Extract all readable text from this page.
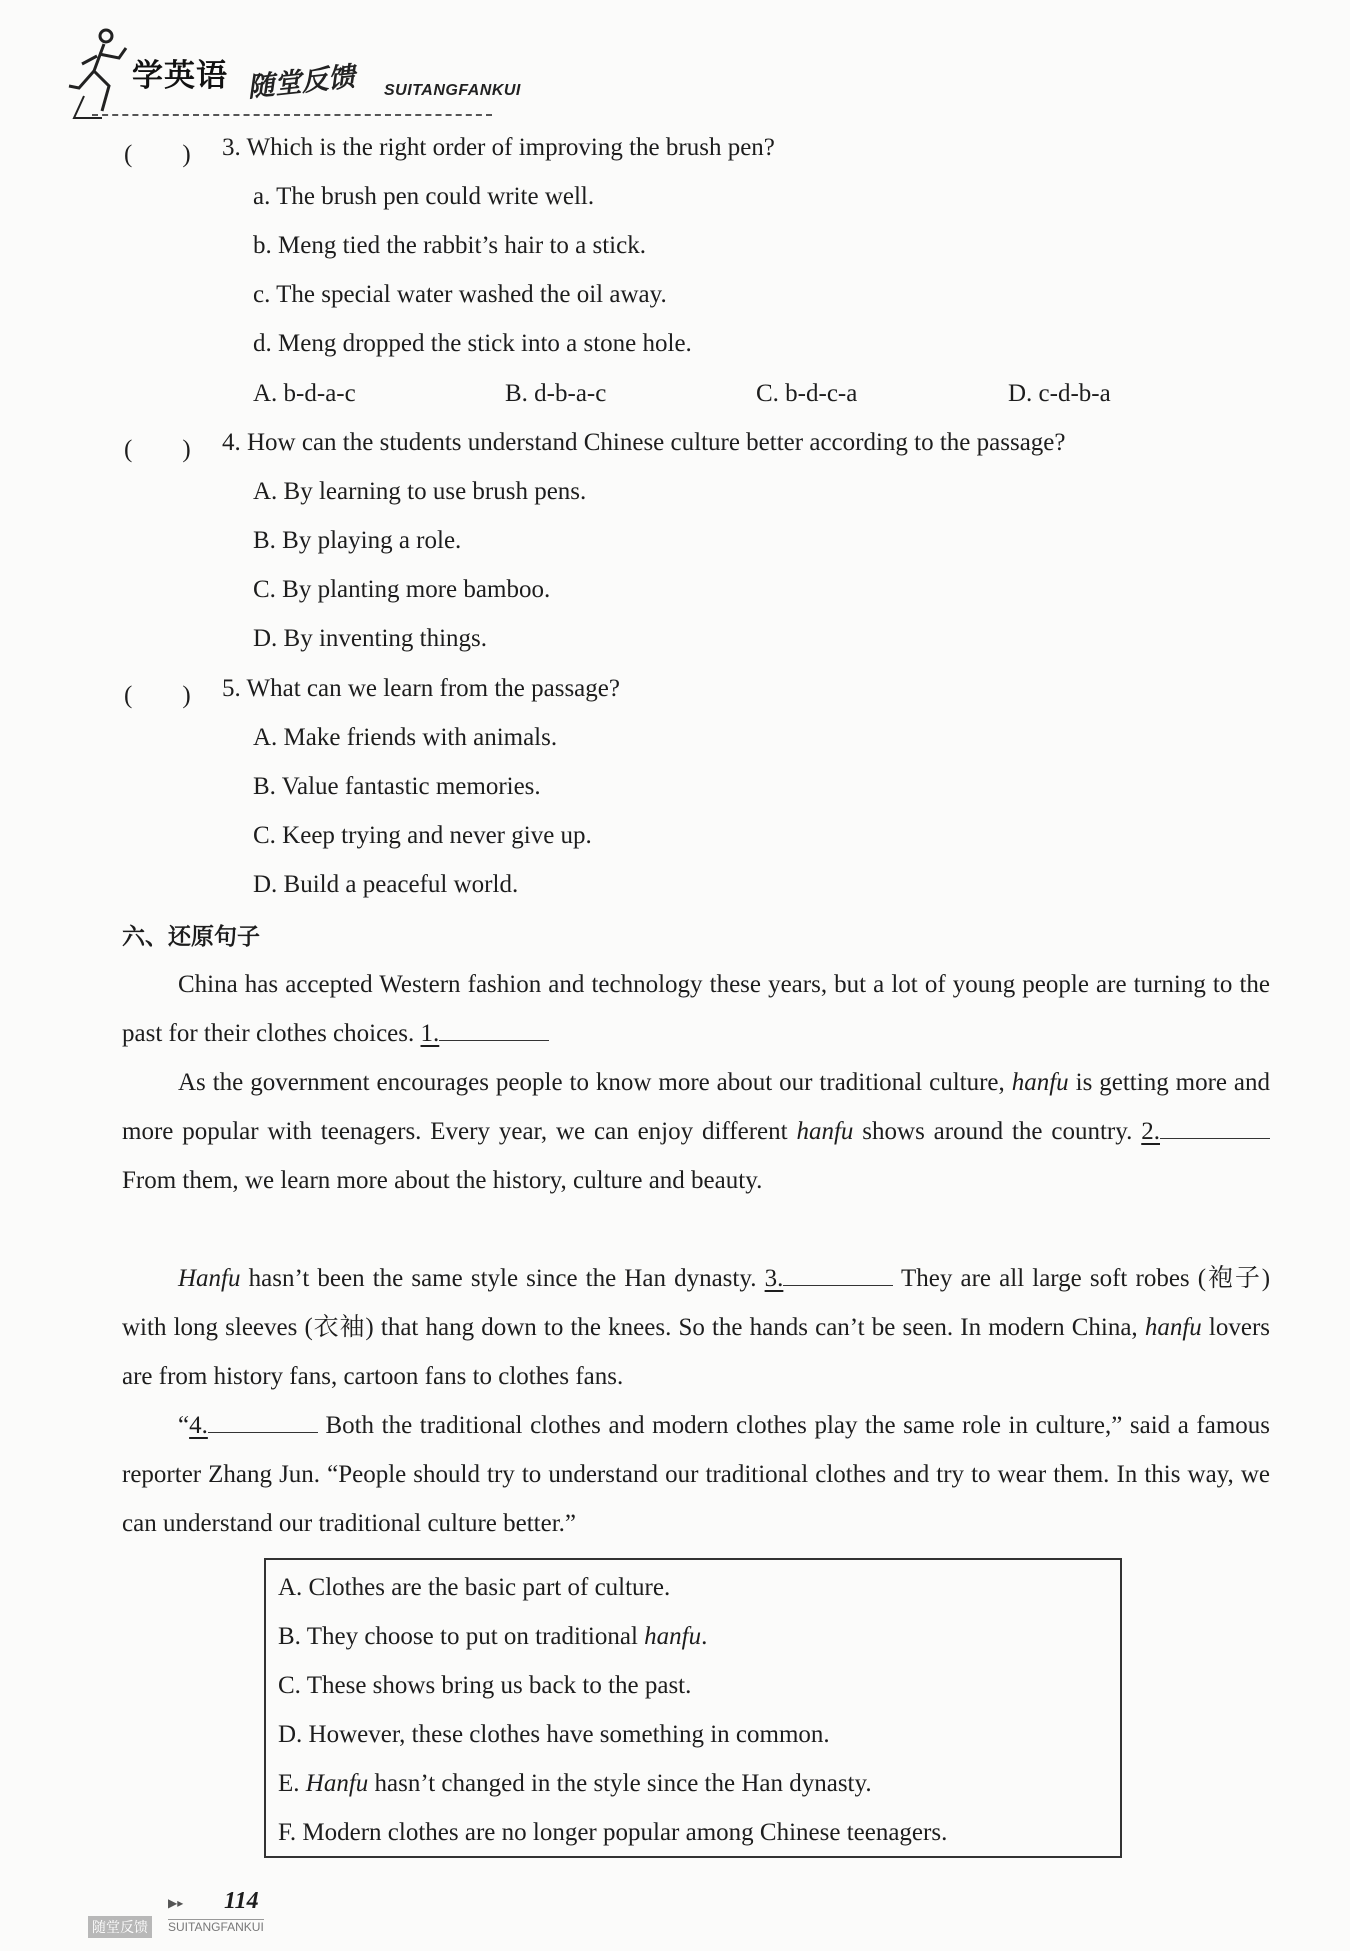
学英语 随堂反馈 SUITANGFANKUI
(　　) 3. Which is the right order of improving the brush pen?
a. The brush pen could write well.
b. Meng tied the rabbit’s hair to a stick.
c. The special water washed the oil away.
d. Meng dropped the stick into a stone hole.
A. b-d-a-c	B. d-b-a-c	C. b-d-c-a	D. c-d-b-a
(　　) 4. How can the students understand Chinese culture better according to the passage?
A. By learning to use brush pens.
B. By playing a role.
C. By planting more bamboo.
D. By inventing things.
(　　) 5. What can we learn from the passage?
A. Make friends with animals.
B. Value fantastic memories.
C. Keep trying and never give up.
D. Build a peaceful world.
六、还原句子
China has accepted Western fashion and technology these years, but a lot of young people are turning to the past for their clothes choices. 1.
As the government encourages people to know more about our traditional culture, hanfu is getting more and more popular with teenagers. Every year, we can enjoy different hanfu shows around the country. 2. From them, we learn more about the history, culture and beauty.
Hanfu hasn’t been the same style since the Han dynasty. 3.	They are all large soft robes (袍子) with long sleeves (衣袖) that hang down to the knees. So the hands can’t be seen. In modern China, hanfu lovers are from history fans, cartoon fans to clothes fans.
“4.	Both the traditional clothes and modern clothes play the same role in culture,” said a famous reporter Zhang Jun. “People should try to understand our traditional clothes and try to wear them. In this way, we can understand our traditional culture better.”
A. Clothes are the basic part of culture.
B. They choose to put on traditional hanfu.
C. These shows bring us back to the past.
D. However, these clothes have something in common.
E. Hanfu hasn’t changed in the style since the Han dynasty.
F. Modern clothes are no longer popular among Chinese teenagers.
▶▸ 114
随堂反馈	SUITANGFANKUI
